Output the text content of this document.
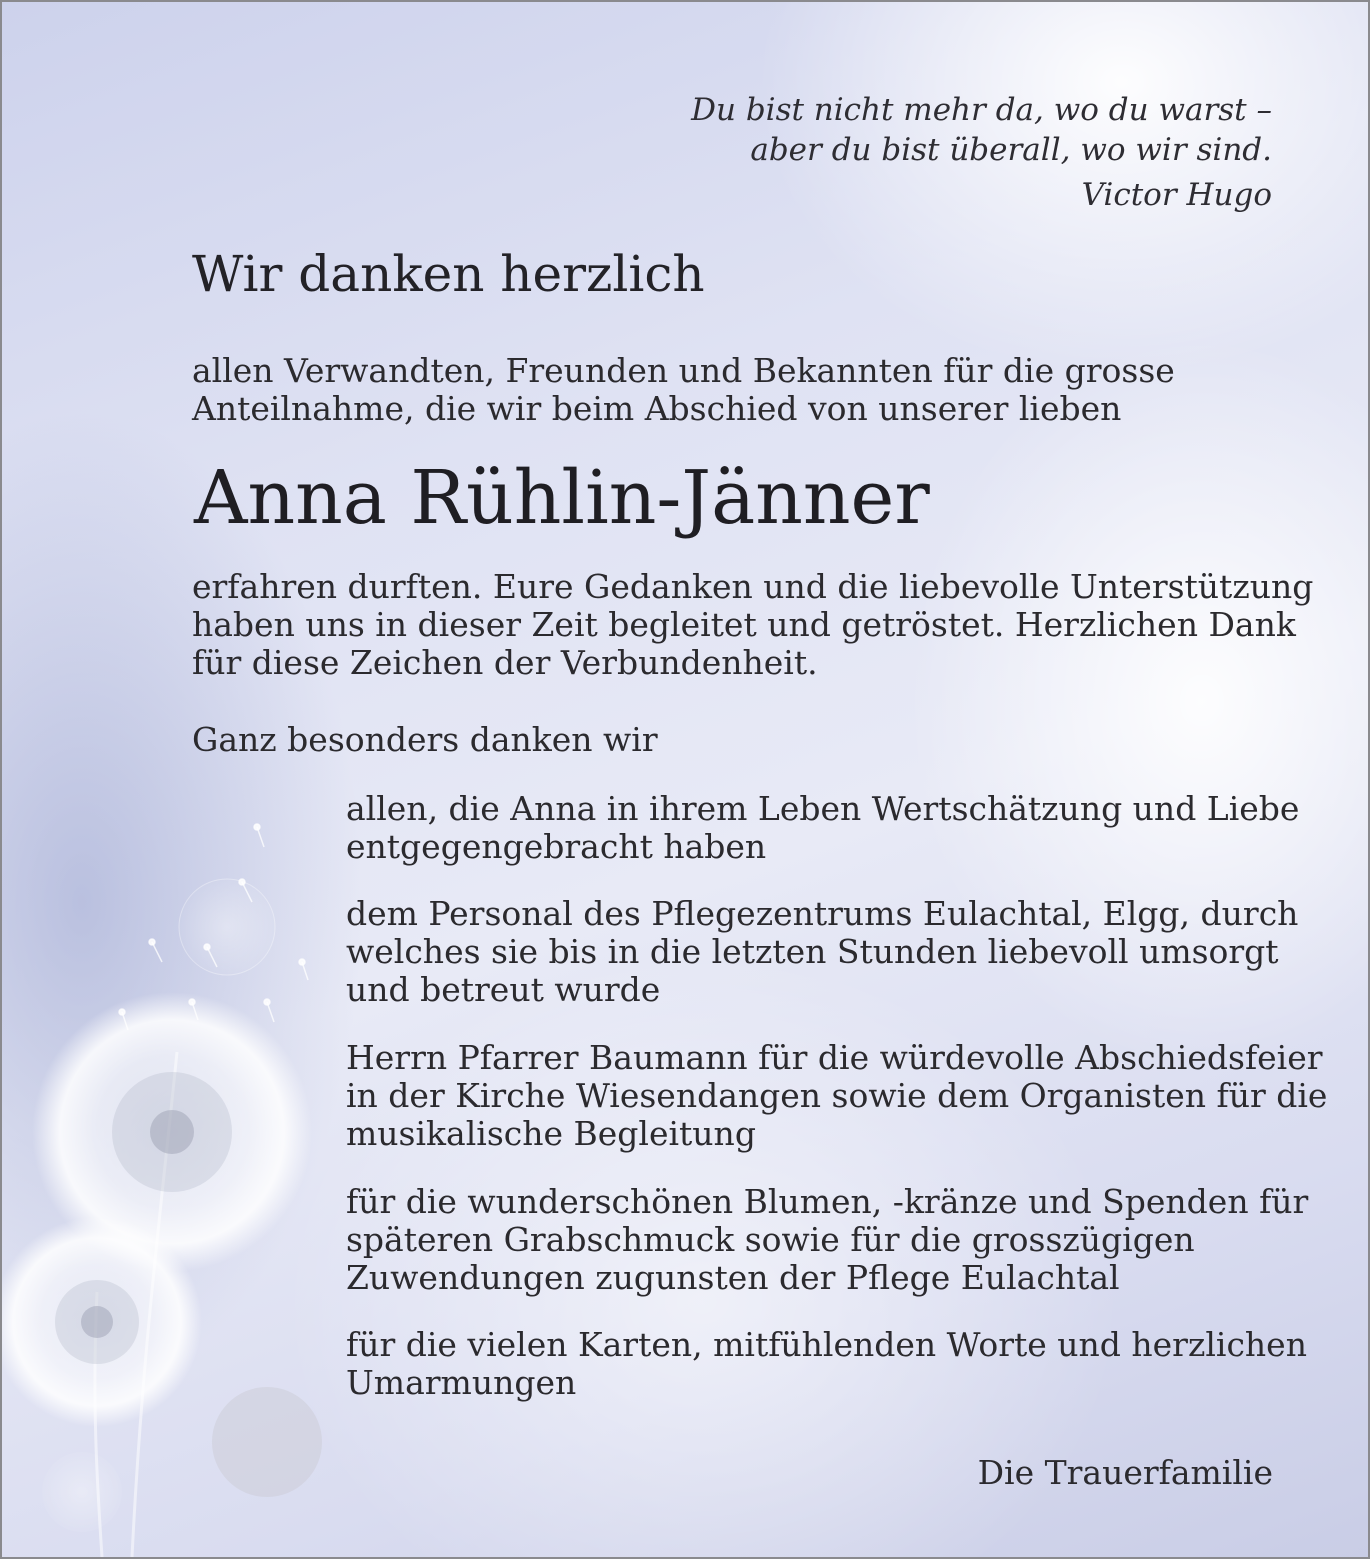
Du bist nicht mehr da, wo du warst –
aber du bist überall, wo wir sind.
Victor Hugo
Wir danken herzlich
allen Verwandten, Freunden und Bekannten für die grosse
Anteilnahme, die wir beim Abschied von unserer lieben
Anna Rühlin-Jänner
erfahren durften. Eure Gedanken und die liebevolle Unterstützung
haben uns in dieser Zeit begleitet und getröstet. Herzlichen Dank
für diese Zeichen der Verbundenheit.
Ganz besonders danken wir
allen, die Anna in ihrem Leben Wertschätzung und Liebe
entgegengebracht haben
dem Personal des Pflegezentrums Eulachtal, Elgg, durch
welches sie bis in die letzten Stunden liebevoll umsorgt
und betreut wurde
Herrn Pfarrer Baumann für die würdevolle Abschiedsfeier
in der Kirche Wiesendangen sowie dem Organisten für die
musikalische Begleitung
für die wunderschönen Blumen, -kränze und Spenden für
späteren Grabschmuck sowie für die grosszügigen
Zuwendungen zugunsten der Pflege Eulachtal
für die vielen Karten, mitfühlenden Worte und herzlichen
Umarmungen
Die Trauerfamilie
